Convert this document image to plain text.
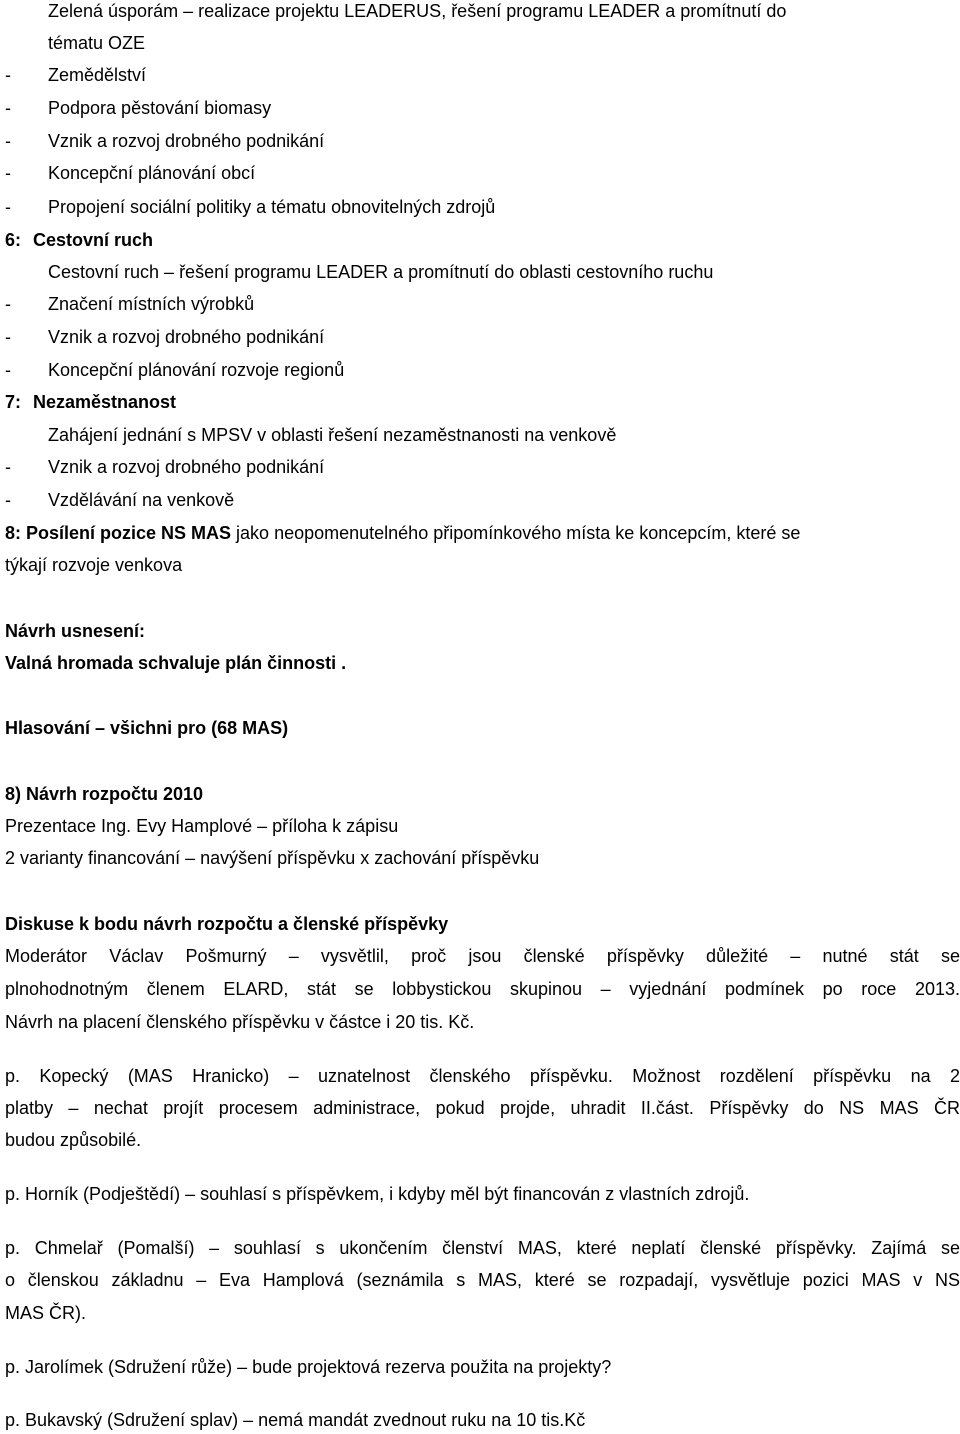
Zelená úsporám – realizace projektu LEADERUS, řešení programu LEADER a promítnutí do
tématu OZE
- Zemědělství
- Podpora pěstování biomasy
- Vznik a rozvoj drobného podnikání
- Koncepční plánování obcí
- Propojení sociální politiky a tématu obnovitelných zdrojů
6: Cestovní ruch
Cestovní ruch – řešení programu LEADER a promítnutí do oblasti cestovního ruchu
- Značení místních výrobků
- Vznik a rozvoj drobného podnikání
- Koncepční plánování rozvoje regionů
7: Nezaměstnanost
Zahájení jednání s MPSV v oblasti řešení nezaměstnanosti na venkově
- Vznik a rozvoj drobného podnikání
- Vzdělávání na venkově
8: Posílení pozice NS MAS jako neopomenutelného připomínkového místa ke koncepcím, které se
týkají rozvoje venkova
Návrh usnesení:
Valná hromada schvaluje plán činnosti .
Hlasování – všichni pro (68 MAS)
8) Návrh rozpočtu 2010
Prezentace Ing. Evy Hamplové – příloha k zápisu
2 varianty financování – navýšení příspěvku x zachování příspěvku
Diskuse k bodu návrh rozpočtu a členské příspěvky
Moderátor Václav Pošmurný – vysvětlil, proč jsou členské příspěvky důležité – nutné stát se
plnohodnotným členem ELARD, stát se lobbystickou skupinou – vyjednání podmínek po roce 2013.
Návrh na placení členského příspěvku v částce i 20 tis. Kč.
p. Kopecký (MAS Hranicko) – uznatelnost členského příspěvku. Možnost rozdělení příspěvku na 2
platby – nechat projít procesem administrace, pokud projde, uhradit II.část. Příspěvky do NS MAS ČR
budou způsobilé.
p. Horník (Podještědí) – souhlasí s příspěvkem, i kdyby měl být financován z vlastních zdrojů.
p. Chmelař (Pomalší) – souhlasí s ukončením členství MAS, které neplatí členské příspěvky. Zajímá se
o členskou základnu – Eva Hamplová (seznámila s MAS, které se rozpadají, vysvětluje pozici MAS v NS
MAS ČR).
p. Jarolímek (Sdružení růže) – bude projektová rezerva použita na projekty?
p. Bukavský (Sdružení splav) – nemá mandát zvednout ruku na 10 tis.Kč
